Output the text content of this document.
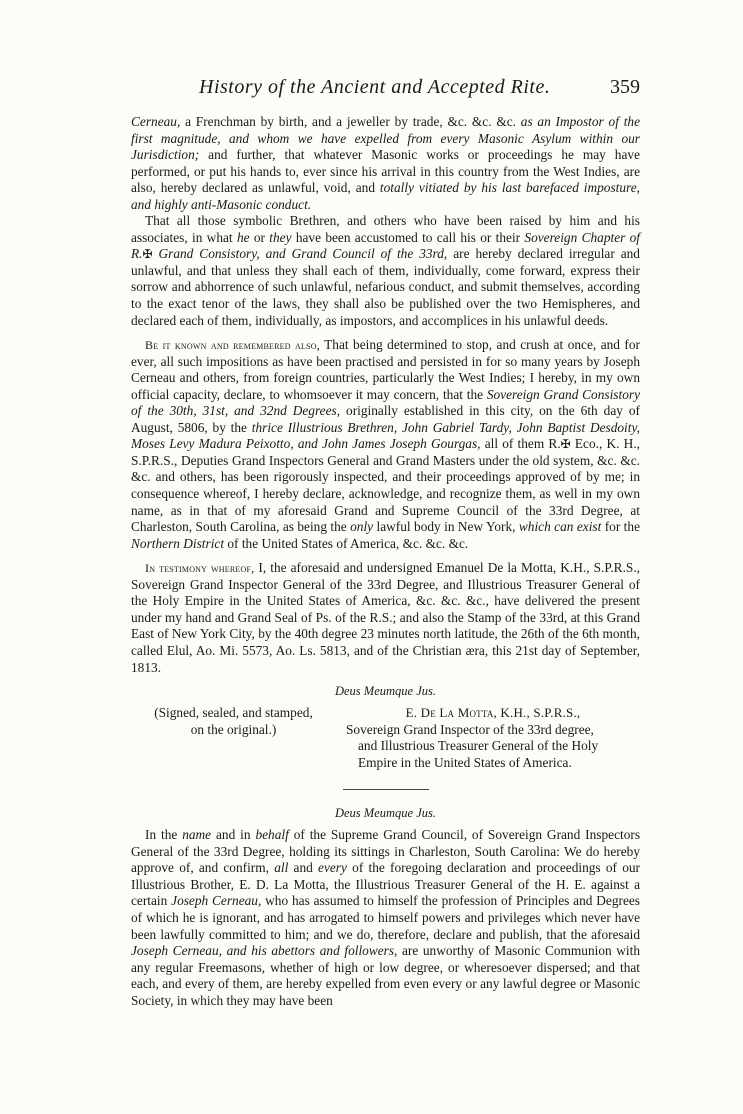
History of the Ancient and Accepted Rite.	359

Cerneau, a Frenchman by birth, and a jeweller by trade, &c. &c. &c. as an Impostor of the first magnitude, and whom we have expelled from every Masonic Asylum within our Jurisdiction; and further, that whatever Masonic works or proceedings he may have performed, or put his hands to, ever since his arrival in this country from the West Indies, are also, hereby declared as unlawful, void, and totally vitiated by his last barefaced imposture, and highly anti-Masonic conduct.

That all those symbolic Brethren, and others who have been raised by him and his associates, in what he or they have been accustomed to call his or their Sovereign Chapter of R.✠ Grand Consistory, and Grand Council of the 33rd, are hereby declared irregular and unlawful, and that unless they shall each of them, individually, come forward, express their sorrow and abhorrence of such unlawful, nefarious conduct, and submit themselves, according to the exact tenor of the laws, they shall also be published over the two Hemispheres, and declared each of them, individually, as impostors, and accomplices in his unlawful deeds.

Be it known and remembered also, That being determined to stop, and crush at once, and for ever, all such impositions as have been practised and persisted in for so many years by Joseph Cerneau and others, from foreign countries, particularly the West Indies; I hereby, in my own official capacity, declare, to whomsoever it may concern, that the Sovereign Grand Consistory of the 30th, 31st, and 32nd Degrees, originally established in this city, on the 6th day of August, 5806, by the thrice Illustrious Brethren, John Gabriel Tardy, John Baptist Desdoity, Moses Levy Madura Peixotto, and John James Joseph Gourgas, all of them R.✠ Eco., K. H., S.P.R.S., Deputies Grand Inspectors General and Grand Masters under the old system, &c. &c. &c. and others, has been rigorously inspected, and their proceedings approved of by me; in consequence whereof, I hereby declare, acknowledge, and recognize them, as well in my own name, as in that of my aforesaid Grand and Supreme Council of the 33rd Degree, at Charleston, South Carolina, as being the only lawful body in New York, which can exist for the Northern District of the United States of America, &c. &c. &c.

In testimony whereof, I, the aforesaid and undersigned Emanuel De la Motta, K.H., S.P.R.S., Sovereign Grand Inspector General of the 33rd Degree, and Illustrious Treasurer General of the Holy Empire in the United States of America, &c. &c. &c., have delivered the present under my hand and Grand Seal of Ps. of the R.S.; and also the Stamp of the 33rd, at this Grand East of New York City, by the 40th degree 23 minutes north latitude, the 26th of the 6th month, called Elul, Ao. Mi. 5573, Ao. Ls. 5813, and of the Christian æra, this 21st day of September, 1813.

Deus Meumque Jus.
(Signed, sealed, and stamped,
on the original.)
E. De La Motta, K.H., S.P.R.S.,
Sovereign Grand Inspector of the 33rd degree,
and Illustrious Treasurer General of the Holy
Empire in the United States of America.
Deus Meumque Jus.

In the name and in behalf of the Supreme Grand Council, of Sovereign Grand Inspectors General of the 33rd Degree, holding its sittings in Charleston, South Carolina: We do hereby approve of, and confirm, all and every of the foregoing declaration and proceedings of our Illustrious Brother, E. D. La Motta, the Illustrious Treasurer General of the H. E. against a certain Joseph Cerneau, who has assumed to himself the profession of Principles and Degrees of which he is ignorant, and has arrogated to himself powers and privileges which never have been lawfully committed to him; and we do, therefore, declare and publish, that the aforesaid Joseph Cerneau, and his abettors and followers, are unworthy of Masonic Communion with any regular Freemasons, whether of high or low degree, or wheresoever dispersed; and that each, and every of them, are hereby expelled from even every or any lawful degree or Masonic Society, in which they may have been
